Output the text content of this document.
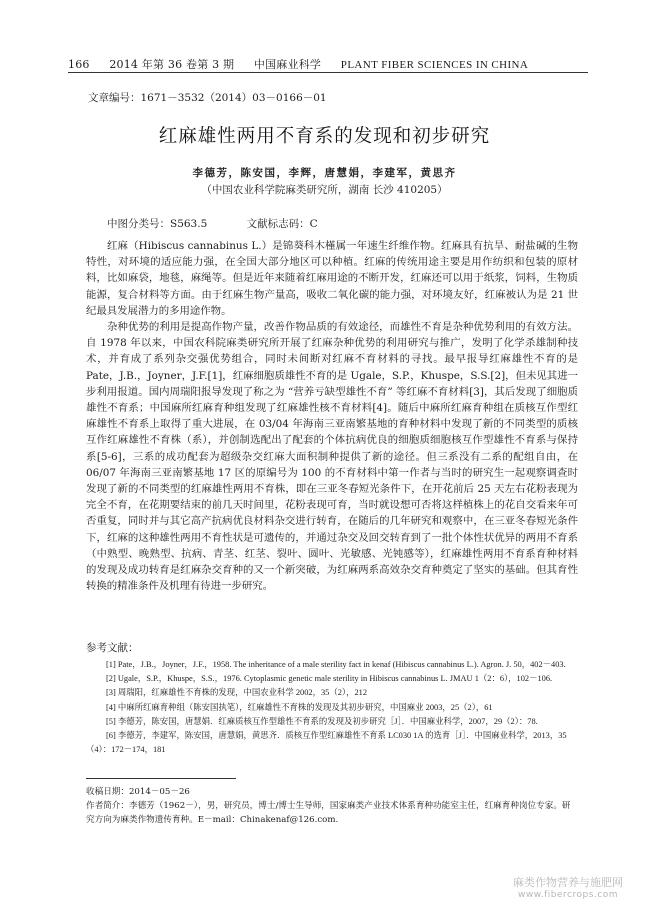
166 2014 年第 36 卷第 3 期 中国麻业科学 PLANT FIBER SCIENCES IN CHINA
文章编号：1671－3532（2014）03－0166－01
红麻雄性两用不育系的发现和初步研究
李德芳，陈安国，李辉，唐慧娟，李建军，黄思齐
（中国农业科学院麻类研究所，湖南 长沙 410205）
中图分类号：S563.5	文献标志码：C

红麻（Hibiscus cannabinus L.）是锦葵科木槿属一年速生纤维作物。红麻具有抗旱、耐盐碱的生物特性，对环境的适应能力强，在全国大部分地区可以种植。红麻的传统用途主要是用作纺织和包装的原材料，比如麻袋，地毯，麻绳等。但是近年来随着红麻用途的不断开发，红麻还可以用于纸浆，饲料，生物质能源，复合材料等方面。由于红麻生物产量高，吸收二氧化碳的能力强，对环境友好，红麻被认为是 21 世纪最具发展潜力的多用途作物。

杂种优势的利用是提高作物产量，改善作物品质的有效途径，而雄性不育是杂种优势利用的有效方法。自 1978 年以来，中国农科院麻类研究所开展了红麻杂种优势的利用研究与推广，发明了化学杀雄制种技术，并育成了系列杂交强优势组合，同时未间断对红麻不育材料的寻找。最早报导红麻雄性不育的是 Pate，J.B.，Joyner，J.F.[1]，红麻细胞质雄性不育的是 Ugale，S.P.，Khuspe，S.S.[2]，但未见其进一步利用报道。国内周瑞阳报导发现了称之为 “营养亏缺型雄性不育” 等红麻不育材料[3]，其后发现了细胞质雄性不育系；中国麻所红麻育种组发现了红麻雄性核不育材料[4]。随后中麻所红麻育种组在质核互作型红麻雄性不育系上取得了重大进展，在 03/04 年海南三亚南繁基地的育种材料中发现了新的不同类型的质核互作红麻雄性不育株（系），并创制选配出了配套的个体抗病优良的细胞质细胞核互作型雄性不育系与保持系[5-6]，三系的成功配套为超级杂交红麻大面积制种提供了新的途径。但三系没有二系的配组自由，在 06/07 年海南三亚南繁基地 17 区的原编号为 100 的不育材料中第一作者与当时的研究生一起观察调查时发现了新的不同类型的红麻雄性两用不育株，即在三亚冬春短光条件下，在开花前后 25 天左右花粉表现为完全不育，在花期要结束的前几天时间里，花粉表现可育，当时就设想可否将这样植株上的花自交看来年可否重复，同时并与其它高产抗病优良材料杂交进行转育，在随后的几年研究和观察中，在三亚冬春短光条件下，红麻的这种雄性两用不育性状是可遗传的，并通过杂交及回交转育到了一批个体性状优异的两用不育系（中熟型、晚熟型、抗病、青茎、红茎、裂叶、圆叶、光敏感、光钝感等），红麻雄性两用不育系育种材料的发现及成功转育是红麻杂交育种的又一个新突破，为红麻两系高效杂交育种奠定了坚实的基础。但其育性转换的精准条件及机理有待进一步研究。

参考文献：
[1] Pate，J.B.，Joyner，J.F.，1958. The inheritance of a male sterility fact in kenaf (Hibiscus cannabinus L.). Agron. J. 50，402－403.
[2] Ugale，S.P.，Khuspe，S.S.，1976. Cytoplasmic genetic male sterility in Hibiscus cannabinus L. JMAU 1（2：6），102－106.
[3] 周瑞阳，红麻雄性不育株的发现，中国农业科学 2002，35（2），212
[4] 中麻所红麻育种组（陈安国执笔），红麻雄性不育株的发现及其初步研究，中国麻业 2003，25（2），61
[5] 李德芳，陈安国，唐慧娟．红麻质核互作型雄性不育系的发现及初步研究［J］．中国麻业科学，2007，29（2）：78.
[6] 李德芳，李建军，陈安国，唐慧娟，黄思齐．质核互作型红麻雄性不育系 LC030 1A 的选育［J］．中国麻业科学，2013，35（4）：172－174，181
收稿日期：2014－05－26
作者简介：李德芳（1962－），男，研究员，博士/博士生导师，国家麻类产业技术体系育种功能室主任，红麻育种岗位专家。研究方向为麻类作物遗传育种。E－mail：Chinakenaf@126.com.
麻类作物营养与施肥网
www.fibercrops.com
